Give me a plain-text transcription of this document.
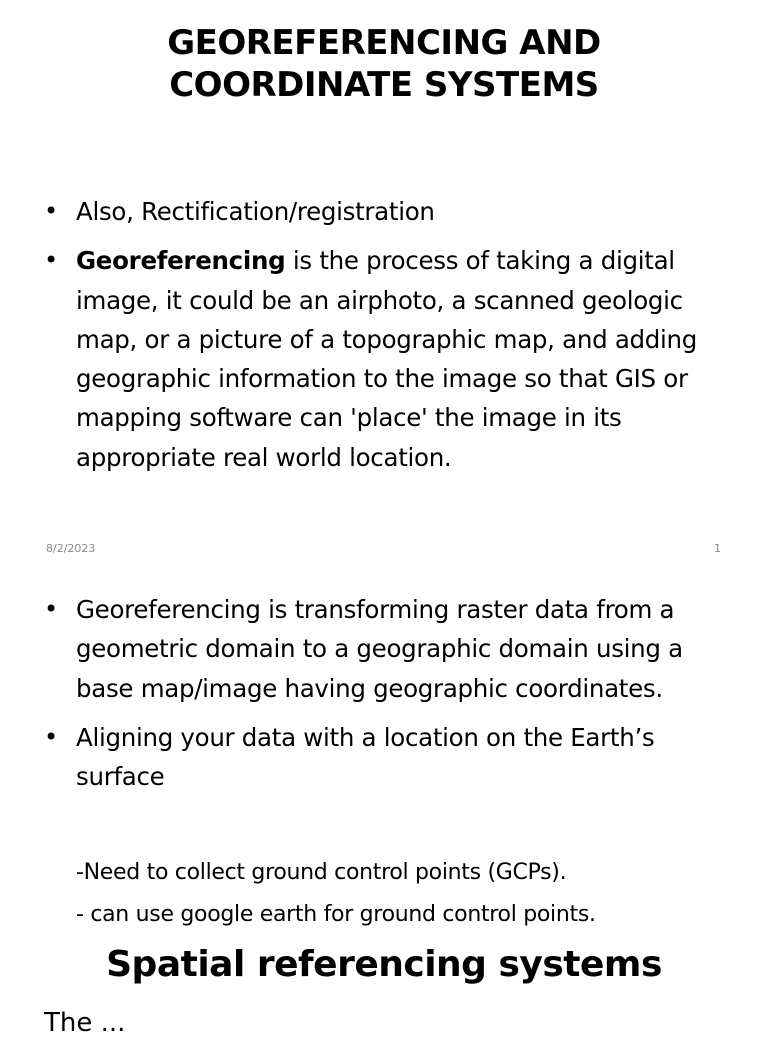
GEOREFERENCING AND
COORDINATE SYSTEMS
• Also, Rectification/registration
• Georeferencing is the process of taking a digital image, it could be an airphoto, a scanned geologic map, or a picture of a topographic map, and adding geographic information to the image so that GIS or mapping software can 'place' the image in its appropriate real world location.
8/2/2023	1
• Georeferencing is transforming raster data from a geometric domain to a geographic domain using a base map/image having geographic coordinates.
• Aligning your data with a location on the Earth’s surface
-Need to collect ground control points (GCPs).
- can use google earth for ground control points.
Spatial referencing systems
The ...
